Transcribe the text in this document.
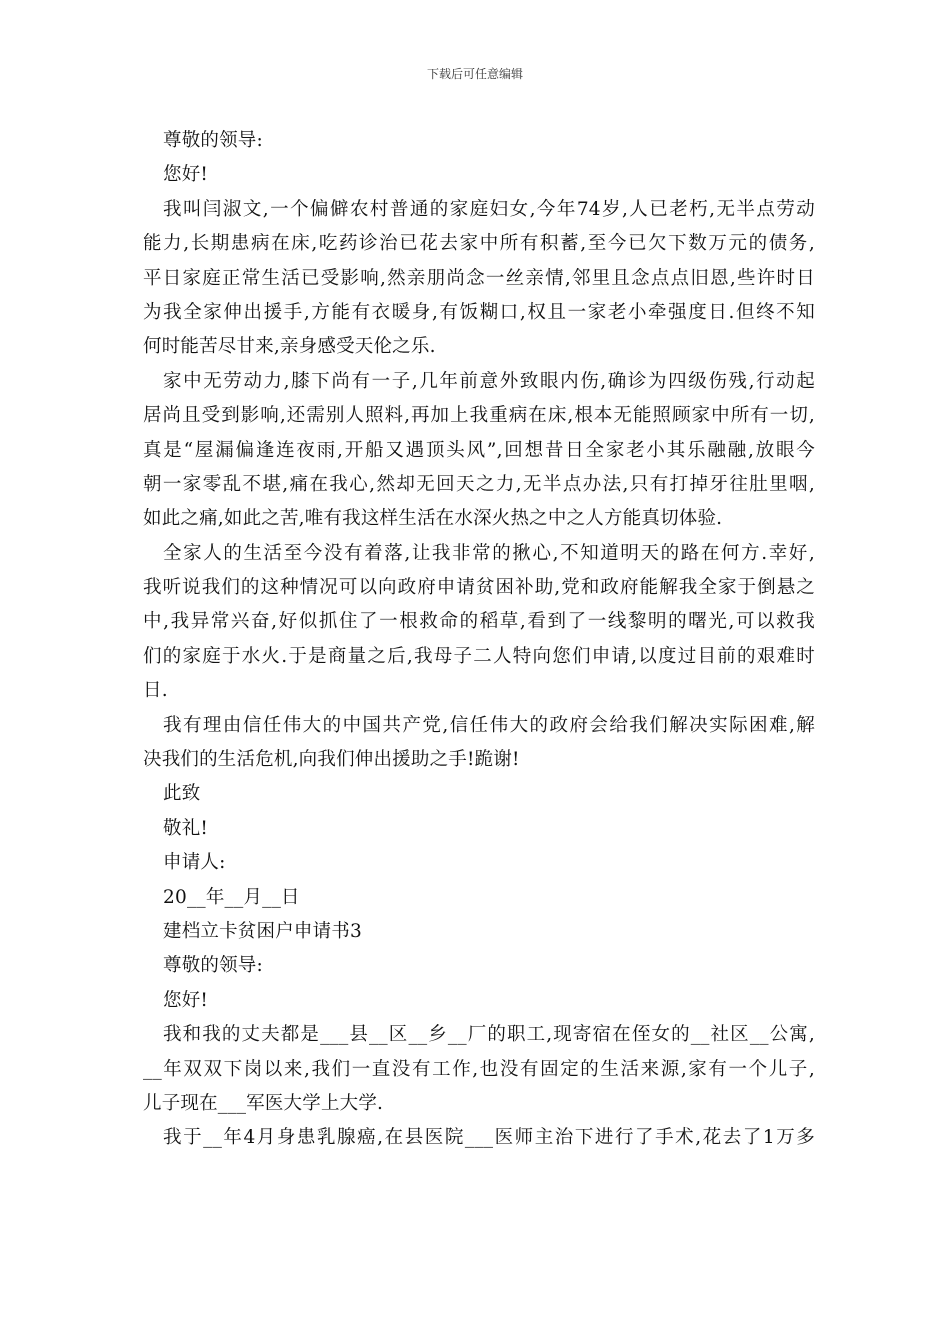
下载后可任意编辑
尊敬的领导:
您好!
我叫闫淑文,一个偏僻农村普通的家庭妇女,今年74岁,人已老朽,无半点劳动
能力,长期患病在床,吃药诊治已花去家中所有积蓄,至今已欠下数万元的债务,
平日家庭正常生活已受影响,然亲朋尚念一丝亲情,邻里且念点点旧恩,些许时日
为我全家伸出援手,方能有衣暖身,有饭糊口,权且一家老小牵强度日.但终不知
何时能苦尽甘来,亲身感受天伦之乐.
家中无劳动力,膝下尚有一子,几年前意外致眼内伤,确诊为四级伤残,行动起
居尚且受到影响,还需别人照料,再加上我重病在床,根本无能照顾家中所有一切,
真是“屋漏偏逢连夜雨,开船又遇顶头风”,回想昔日全家老小其乐融融,放眼今
朝一家零乱不堪,痛在我心,然却无回天之力,无半点办法,只有打掉牙往肚里咽,
如此之痛,如此之苦,唯有我这样生活在水深火热之中之人方能真切体验.
全家人的生活至今没有着落,让我非常的揪心,不知道明天的路在何方.幸好,
我听说我们的这种情况可以向政府申请贫困补助,党和政府能解我全家于倒悬之
中,我异常兴奋,好似抓住了一根救命的稻草,看到了一线黎明的曙光,可以救我
们的家庭于水火.于是商量之后,我母子二人特向您们申请,以度过目前的艰难时
日.
我有理由信任伟大的中国共产党,信任伟大的政府会给我们解决实际困难,解
决我们的生活危机,向我们伸出援助之手!跪谢!
此致
敬礼!
申请人:
20__年__月__日
建档立卡贫困户申请书3
尊敬的领导:
您好!
我和我的丈夫都是___县__区__乡__厂的职工,现寄宿在侄女的__社区__公寓,
__年双双下岗以来,我们一直没有工作,也没有固定的生活来源,家有一个儿子,
儿子现在___军医大学上大学.
我于__年4月身患乳腺癌,在县医院___医师主治下进行了手术,花去了1万多
